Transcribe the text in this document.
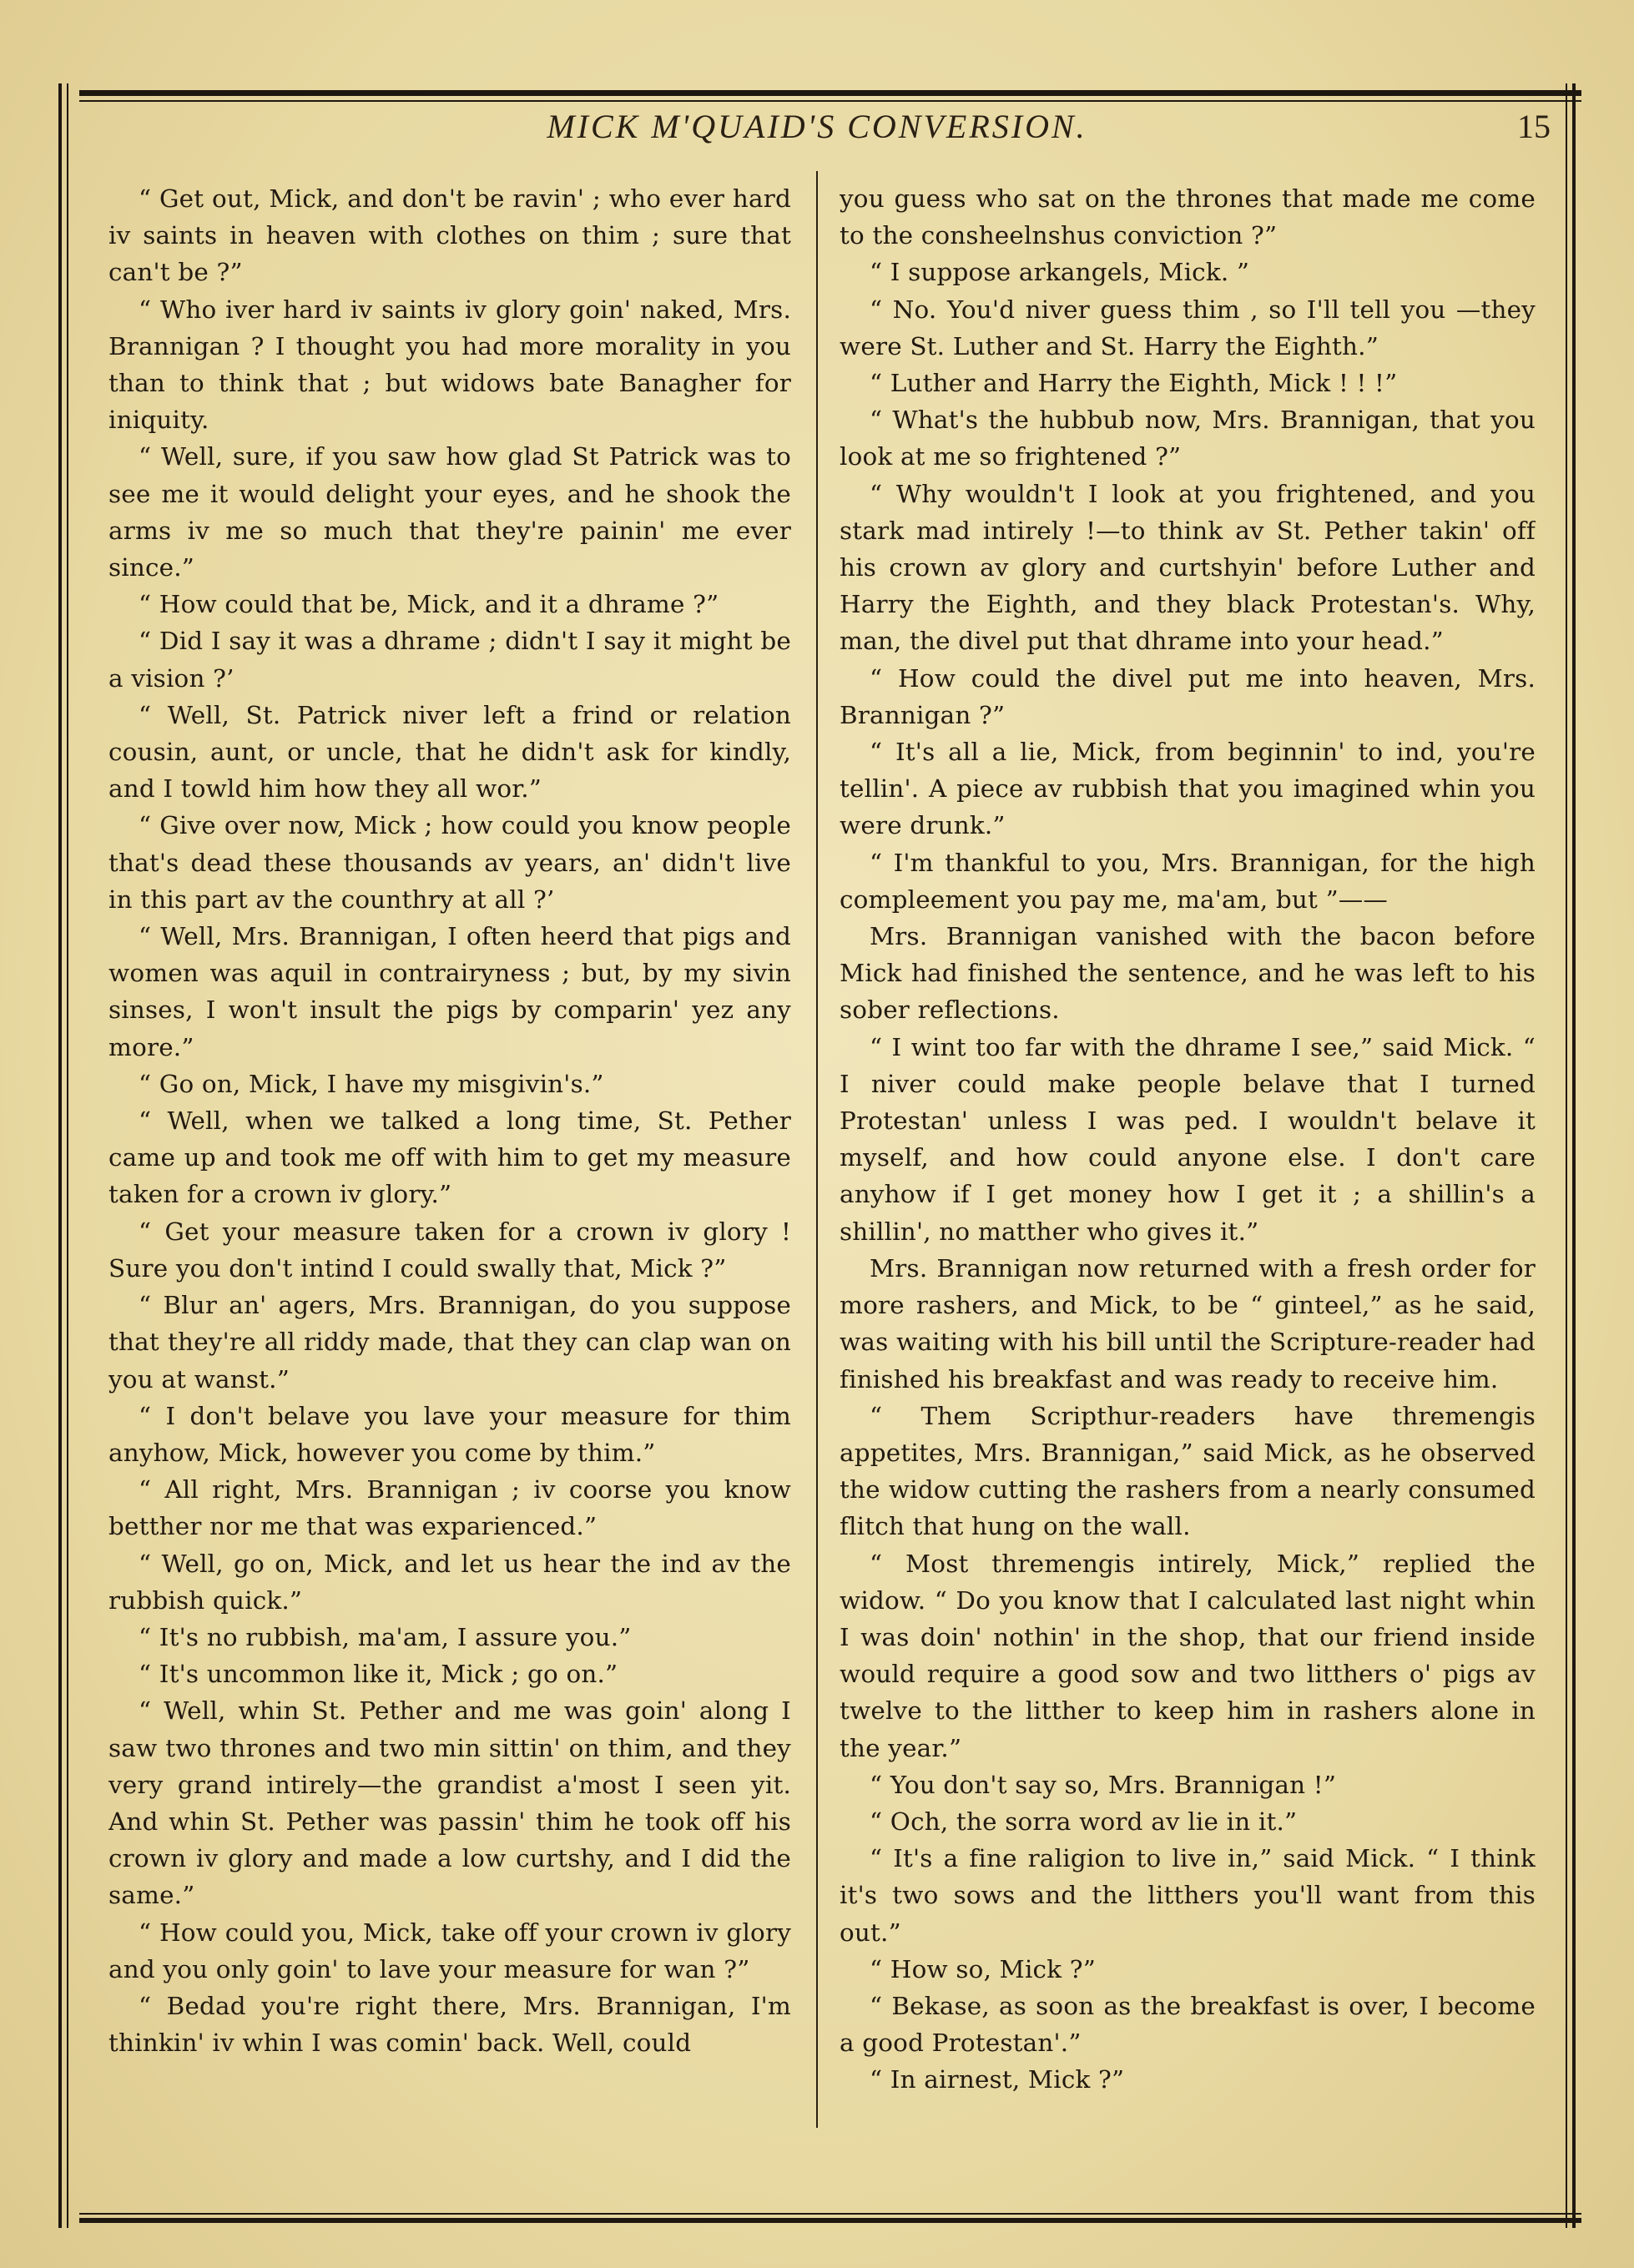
MICK M'QUAID'S CONVERSION.	15

“ Get out, Mick, and don't be ravin' ; who ever hard iv saints in heaven with clothes on thim ; sure that can't be ?”

“ Who iver hard iv saints iv glory goin' naked, Mrs. Brannigan ? I thought you had more morality in you than to think that ; but widows bate Banagher for iniquity.

“ Well, sure, if you saw how glad St Patrick was to see me it would delight your eyes, and he shook the arms iv me so much that they're painin' me ever since.”

“ How could that be, Mick, and it a dhrame ?”

“ Did I say it was a dhrame ; didn't I say it might be a vision ?’

“ Well, St. Patrick niver left a frind or relation cousin, aunt, or uncle, that he didn't ask for kindly, and I towld him how they all wor.”

“ Give over now, Mick ; how could you know people that's dead these thousands av years, an' didn't live in this part av the counthry at all ?’

“ Well, Mrs. Brannigan, I often heerd that pigs and women was aquil in contrairyness ; but, by my sivin sinses, I won't insult the pigs by comparin' yez any more.”

“ Go on, Mick, I have my misgivin's.”

“ Well, when we talked a long time, St. Pether came up and took me off with him to get my measure taken for a crown iv glory.”

“ Get your measure taken for a crown iv glory ! Sure you don't intind I could swally that, Mick ?”

“ Blur an' agers, Mrs. Brannigan, do you suppose that they're all riddy made, that they can clap wan on you at wanst.”

“ I don't belave you lave your measure for thim anyhow, Mick, however you come by thim.”

“ All right, Mrs. Brannigan ; iv coorse you know betther nor me that was exparienced.”

“ Well, go on, Mick, and let us hear the ind av the rubbish quick.”

“ It's no rubbish, ma'am, I assure you.”

“ It's uncommon like it, Mick ; go on.”

“ Well, whin St. Pether and me was goin' along I saw two thrones and two min sittin' on thim, and they very grand intirely—the grandist a'most I seen yit. And whin St. Pether was passin' thim he took off his crown iv glory and made a low curtshy, and I did the same.”

“ How could you, Mick, take off your crown iv glory and you only goin' to lave your measure for wan ?”

“ Bedad you're right there, Mrs. Brannigan, I'm thinkin' iv whin I was comin' back. Well, could

you guess who sat on the thrones that made me come to the consheelnshus conviction ?”

“ I suppose arkangels, Mick. ”

“ No. You'd niver guess thim , so I'll tell you —they were St. Luther and St. Harry the Eighth.”

“ Luther and Harry the Eighth, Mick ! ! !”

“ What's the hubbub now, Mrs. Brannigan, that you look at me so frightened ?”

“ Why wouldn't I look at you frightened, and you stark mad intirely !—to think av St. Pether takin' off his crown av glory and curtshyin' before Luther and Harry the Eighth, and they black Protestan's. Why, man, the divel put that dhrame into your head.”

“ How could the divel put me into heaven, Mrs. Brannigan ?”

“ It's all a lie, Mick, from beginnin' to ind, you're tellin'. A piece av rubbish that you imagined whin you were drunk.”

“ I'm thankful to you, Mrs. Brannigan, for the high compleement you pay me, ma'am, but ”——

Mrs. Brannigan vanished with the bacon before Mick had finished the sentence, and he was left to his sober reflections.

“ I wint too far with the dhrame I see,” said Mick. “ I niver could make people belave that I turned Protestan' unless I was ped. I wouldn't belave it myself, and how could anyone else. I don't care anyhow if I get money how I get it ; a shillin's a shillin', no matther who gives it.”

Mrs. Brannigan now returned with a fresh order for more rashers, and Mick, to be “ ginteel,” as he said, was waiting with his bill until the Scripture-reader had finished his breakfast and was ready to receive him.

“ Them Scripthur-readers have thremengis appetites, Mrs. Brannigan,” said Mick, as he observed the widow cutting the rashers from a nearly consumed flitch that hung on the wall.

“ Most thremengis intirely, Mick,” replied the widow. “ Do you know that I calculated last night whin I was doin' nothin' in the shop, that our friend inside would require a good sow and two litthers o' pigs av twelve to the litther to keep him in rashers alone in the year.”

“ You don't say so, Mrs. Brannigan !”

“ Och, the sorra word av lie in it.”

“ It's a fine raligion to live in,” said Mick. “ I think it's two sows and the litthers you'll want from this out.”

“ How so, Mick ?”

“ Bekase, as soon as the breakfast is over, I become a good Protestan'.”

“ In airnest, Mick ?”
